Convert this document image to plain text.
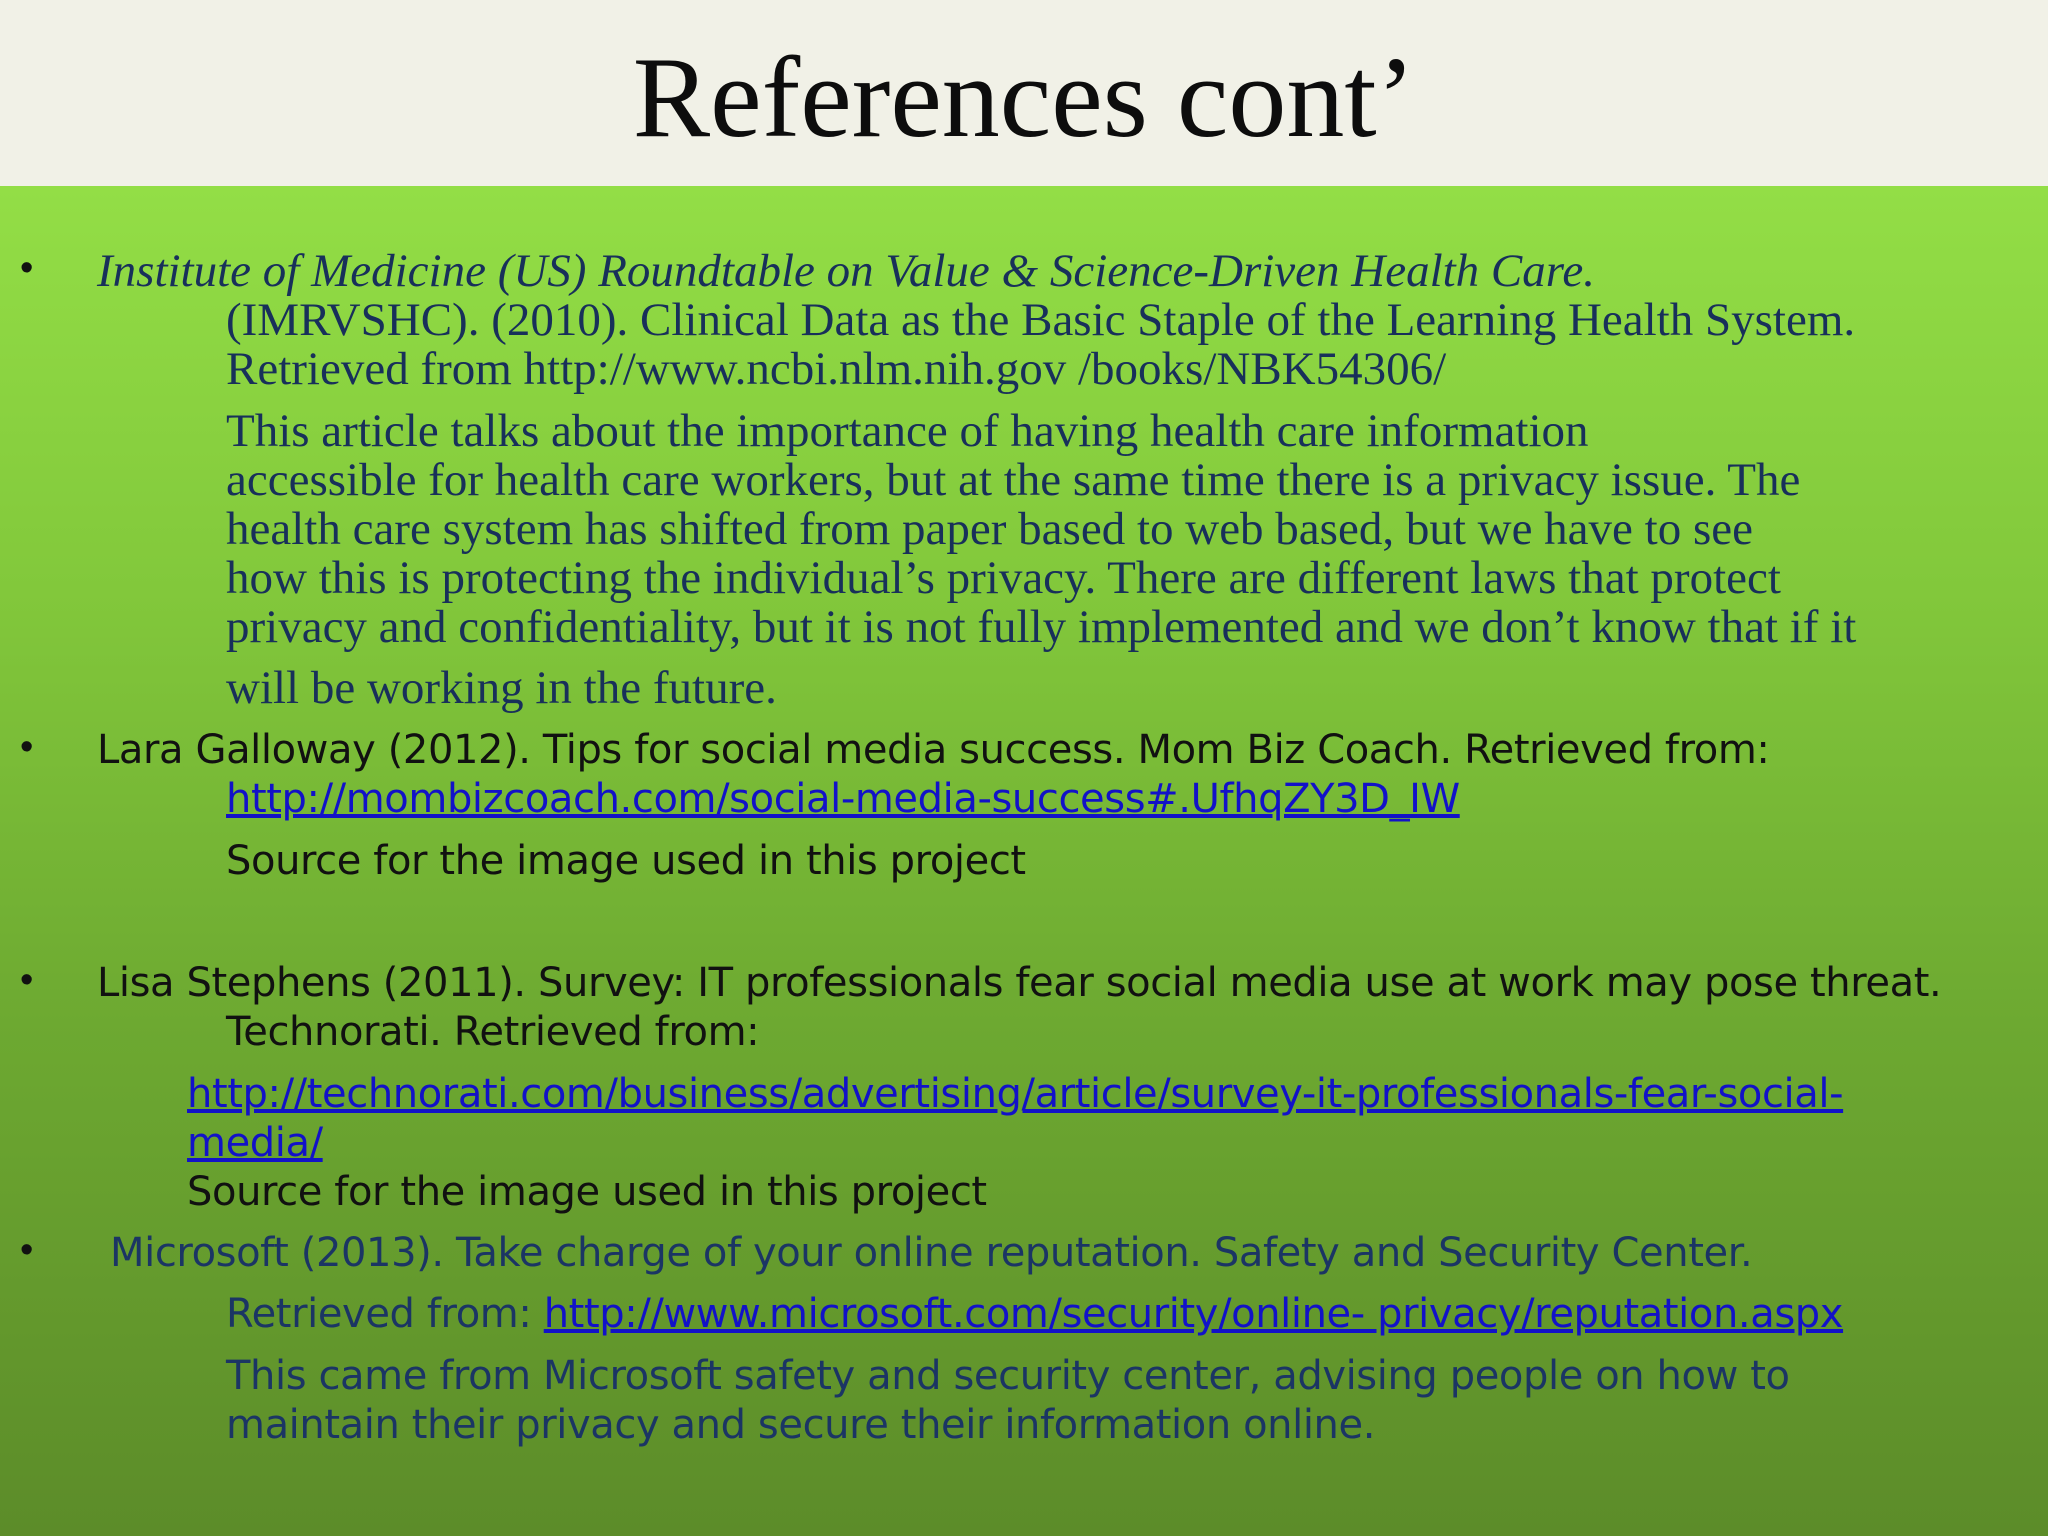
References cont’
• Institute of Medicine (US) Roundtable on Value & Science-Driven Health Care.

(IMRVSHC). (2010). Clinical Data as the Basic Staple of the Learning Health System.

Retrieved from http://www.ncbi.nlm.nih.gov /books/NBK54306/

This article talks about the importance of having health care information

accessible for health care workers, but at the same time there is a privacy issue. The

health care system has shifted from paper based to web based, but we have to see

how this is protecting the individual’s privacy. There are different laws that protect

privacy and confidentiality, but it is not fully implemented and we don’t know that if it

will be working in the future.

• Lara Galloway (2012). Tips for social media success. Mom Biz Coach. Retrieved from:

http://mombizcoach.com/social-media-success#.UfhqZY3D_IW

Source for the image used in this project

• Lisa Stephens (2011). Survey: IT professionals fear social media use at work may pose threat.

Technorati. Retrieved from:

http://technorati.com/business/advertising/article/survey-it-professionals-fear-social-

media/

Source for the image used in this project

• Microsoft (2013). Take charge of your online reputation. Safety and Security Center.

Retrieved from: http://www.microsoft.com/security/online- privacy/reputation.aspx

This came from Microsoft safety and security center, advising people on how to

maintain their privacy and secure their information online.
